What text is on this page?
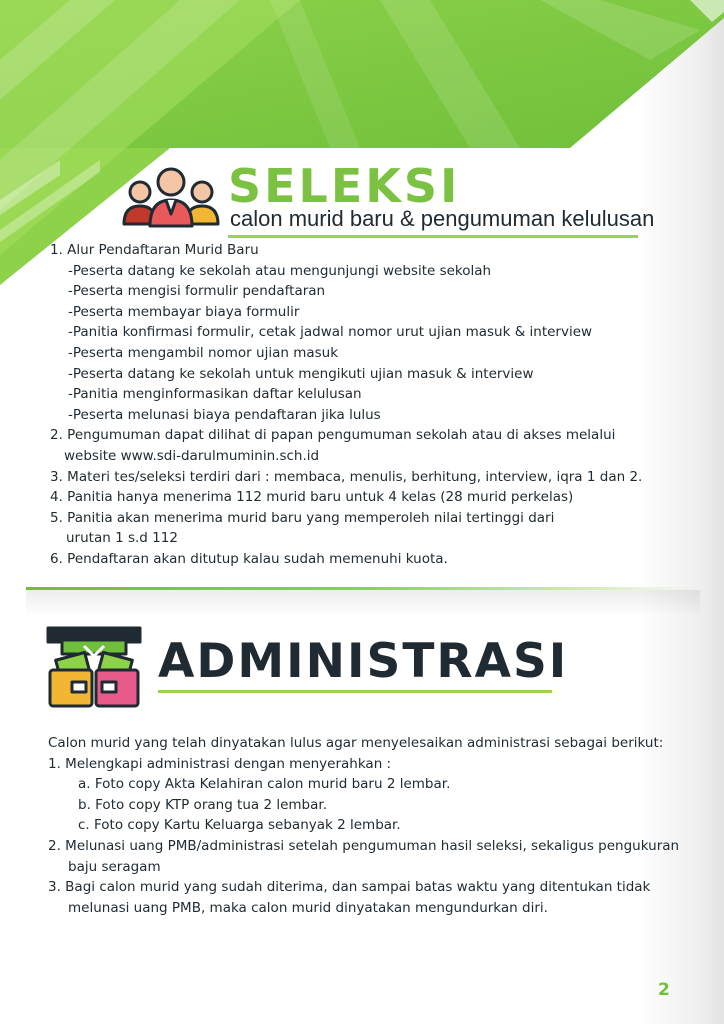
SELEKSI
calon murid baru & pengumuman kelulusan
1. Alur Pendaftaran Murid Baru
-Peserta datang ke sekolah atau mengunjungi website sekolah
-Peserta mengisi formulir pendaftaran
-Peserta membayar biaya formulir
-Panitia konfirmasi formulir, cetak jadwal nomor urut ujian masuk & interview
-Peserta mengambil nomor ujian masuk
-Peserta datang ke sekolah untuk mengikuti ujian masuk & interview
-Panitia menginformasikan daftar kelulusan
-Peserta melunasi biaya pendaftaran jika lulus
2. Pengumuman dapat dilihat di papan pengumuman sekolah atau di akses melalui
website www.sdi-darulmuminin.sch.id
3. Materi tes/seleksi terdiri dari : membaca, menulis, berhitung, interview, iqra 1 dan 2.
4. Panitia hanya menerima 112 murid baru untuk 4 kelas (28 murid perkelas)
5. Panitia akan menerima murid baru yang memperoleh nilai tertinggi dari
urutan 1 s.d 112
6. Pendaftaran akan ditutup kalau sudah memenuhi kuota.
ADMINISTRASI
Calon murid yang telah dinyatakan lulus agar menyelesaikan administrasi sebagai berikut:
1. Melengkapi administrasi dengan menyerahkan :
a. Foto copy Akta Kelahiran calon murid baru 2 lembar.
b. Foto copy KTP orang tua 2 lembar.
c. Foto copy Kartu Keluarga sebanyak 2 lembar.
2. Melunasi uang PMB/administrasi setelah pengumuman hasil seleksi, sekaligus pengukuran
baju seragam
3. Bagi calon murid yang sudah diterima, dan sampai batas waktu yang ditentukan tidak
melunasi uang PMB, maka calon murid dinyatakan mengundurkan diri.
2
